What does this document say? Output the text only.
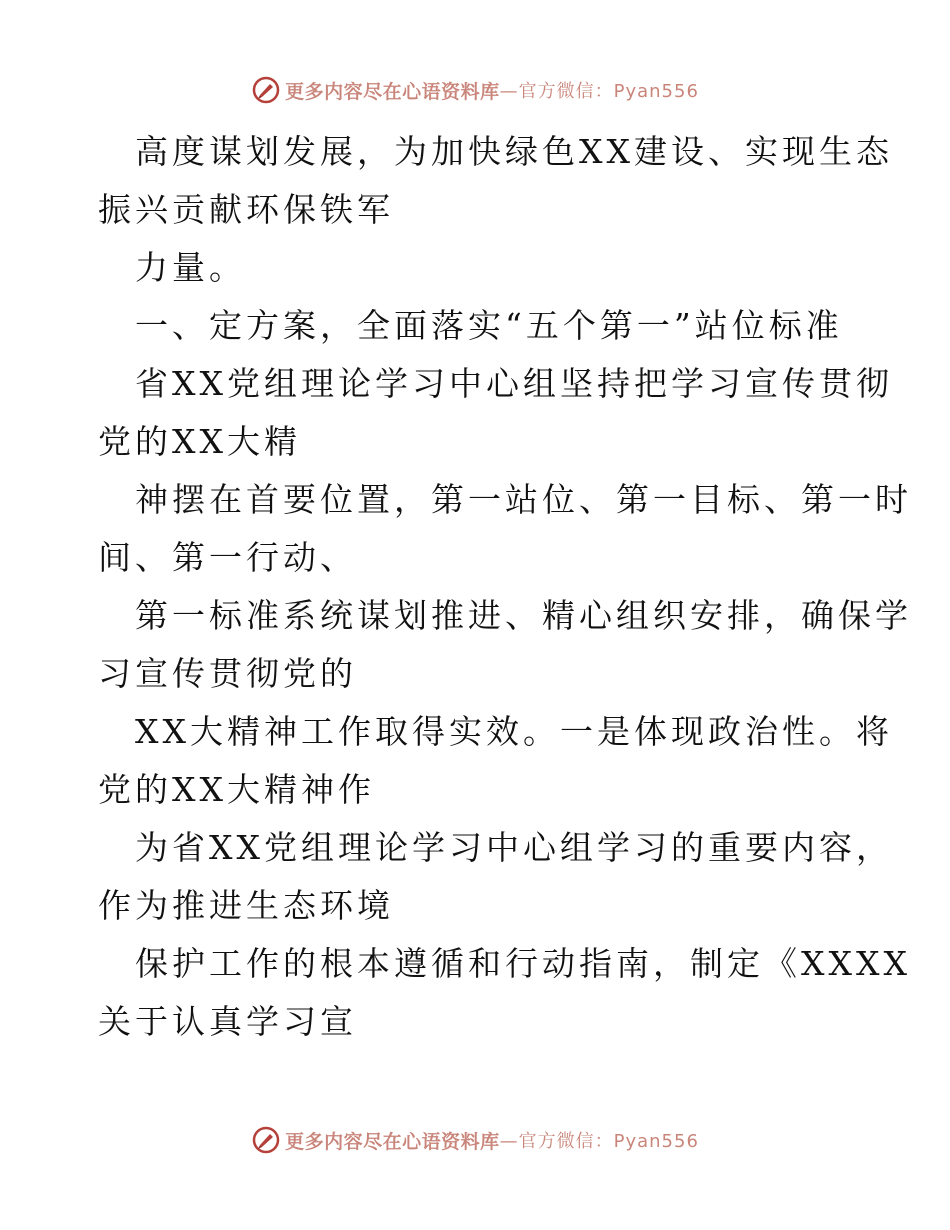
更多内容尽在心语资料库 —官方微信：Pyan556
高度谋划发展，为加快绿色XX建设、实现生态
振兴贡献环保铁军
力量。
一、定方案，全面落实“五个第一”站位标准
省XX党组理论学习中心组坚持把学习宣传贯彻
党的XX大精
神摆在首要位置，第一站位、第一目标、第一时
间、第一行动、
第一标准系统谋划推进、精心组织安排，确保学
习宣传贯彻党的
XX大精神工作取得实效。一是体现政治性。将
党的XX大精神作
为省XX党组理论学习中心组学习的重要内容，
作为推进生态环境
保护工作的根本遵循和行动指南，制定《XXXX
关于认真学习宣
更多内容尽在心语资料库 —官方微信：Pyan556
